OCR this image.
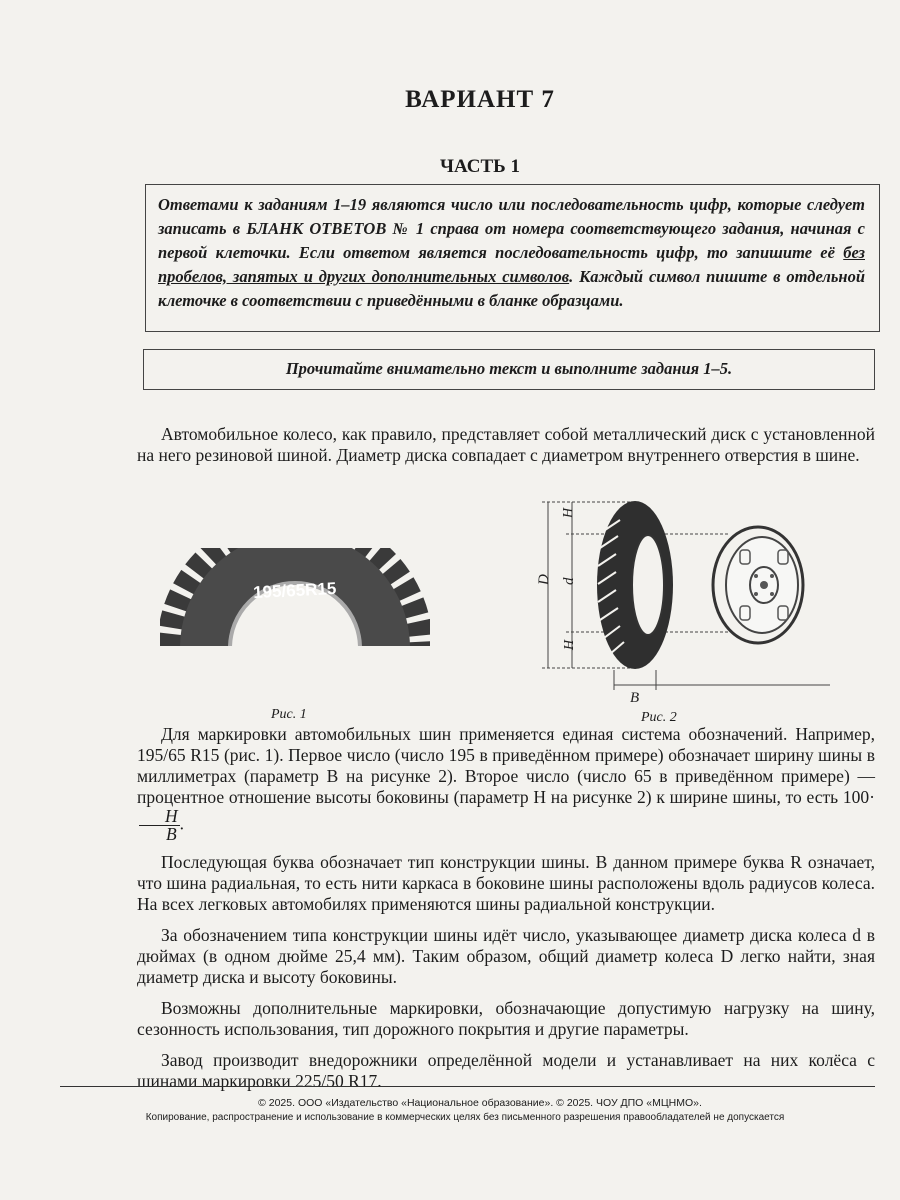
ВАРИАНТ 7
ЧАСТЬ 1
Ответами к заданиям 1–19 являются число или последовательность цифр, которые следует записать в БЛАНК ОТВЕТОВ № 1 справа от номера соответствующего задания, начиная с первой клеточки. Если ответом является последовательность цифр, то запишите её без пробелов, запятых и других дополнительных символов. Каждый символ пишите в отдельной клеточке в соответствии с приведёнными в бланке образцами.
Прочитайте внимательно текст и выполните задания 1–5.
Автомобильное колесо, как правило, представляет собой металлический диск с установленной на него резиновой шиной. Диаметр диска совпадает с диаметром внутреннего отверстия в шине.
195/65R15
Рис. 1
D d
H
H
B
Рис. 2
Для маркировки автомобильных шин применяется единая система обозначений. Например, 195/65 R15 (рис. 1). Первое число (число 195 в приведённом примере) обозначает ширину шины в миллиметрах (параметр B на рисунке 2). Второе число (число 65 в приведённом примере) — процентное отношение высоты боковины (параметр H на рисунке 2) к ширине шины, то есть 100·
$\frac{H}{B}$ .
Последующая буква обозначает тип конструкции шины. В данном примере буква R означает, что шина радиальная, то есть нити каркаса в боковине шины расположены вдоль радиусов колеса. На всех легковых автомобилях применяются шины радиальной конструкции.
За обозначением типа конструкции шины идёт число, указывающее диаметр диска колеса d в дюймах (в одном дюйме 25,4 мм). Таким образом, общий диаметр колеса D легко найти, зная диаметр диска и высоту боковины.
Возможны дополнительные маркировки, обозначающие допустимую нагрузку на шину, сезонность использования, тип дорожного покрытия и другие параметры.
Завод производит внедорожники определённой модели и устанавливает на них колёса с шинами маркировки 225/50 R17.
© 2025. ООО «Издательство «Национальное образование». © 2025. ЧОУ ДПО «МЦНМО».
Копирование, распространение и использование в коммерческих целях без письменного разрешения правообладателей не допускается
